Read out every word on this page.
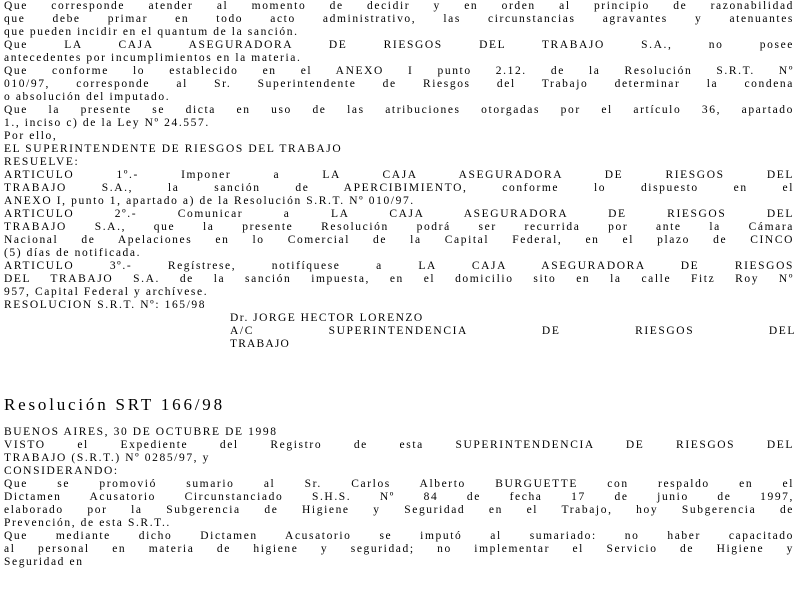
Que corresponde atender al momento de decidir y en orden al principio de razonabilidad

que debe primar en todo acto administrativo, las circunstancias agravantes y atenuantes

que pueden incidir en el quantum de la sanción.

Que LA CAJA ASEGURADORA DE RIESGOS DEL TRABAJO S.A., no posee

antecedentes por incumplimientos en la materia.

Que conforme lo establecido en el ANEXO I punto 2.12. de la Resolución S.R.T. Nº

010/97, corresponde al Sr. Superintendente de Riesgos del Trabajo determinar la condena

o absolución del imputado.

Que la presente se dicta en uso de las atribuciones otorgadas por el artículo 36, apartado

1., inciso c) de la Ley Nº 24.557.

Por ello,

EL SUPERINTENDENTE DE RIESGOS DEL TRABAJO

RESUELVE:

ARTICULO 1º.- Imponer a LA CAJA ASEGURADORA DE RIESGOS DEL

TRABAJO S.A., la sanción de APERCIBIMIENTO, conforme lo dispuesto en el

ANEXO I, punto 1, apartado a) de la Resolución S.R.T. Nº 010/97.

ARTICULO 2º.- Comunicar a LA CAJA ASEGURADORA DE RIESGOS DEL

TRABAJO S.A., que la presente Resolución podrá ser recurrida por ante la Cámara

Nacional de Apelaciones en lo Comercial de la Capital Federal, en el plazo de CINCO

(5) días de notificada.

ARTICULO 3º.- Regístrese, notifíquese a LA CAJA ASEGURADORA DE RIESGOS

DEL TRABAJO S.A. de la sanción impuesta, en el domicilio sito en la calle Fitz Roy Nº

957, Capital Federal y archívese.

RESOLUCION S.R.T. Nº: 165/98

Dr. JORGE HECTOR LORENZO

A/C SUPERINTENDENCIA DE RIESGOS DEL

TRABAJO

Resolución SRT 166/98

BUENOS AIRES, 30 DE OCTUBRE DE 1998

VISTO el Expediente del Registro de esta SUPERINTENDENCIA DE RIESGOS DEL

TRABAJO (S.R.T.) Nº 0285/97, y

CONSIDERANDO:

Que se promovió sumario al Sr. Carlos Alberto BURGUETTE con respaldo en el

Dictamen Acusatorio Circunstanciado S.H.S. Nº 84 de fecha 17 de junio de 1997,

elaborado por la Subgerencia de Higiene y Seguridad en el Trabajo, hoy Subgerencia de

Prevención, de esta S.R.T..

Que mediante dicho Dictamen Acusatorio se imputó al sumariado: no haber capacitado

al personal en materia de higiene y seguridad; no implementar el Servicio de Higiene y

Seguridad en
